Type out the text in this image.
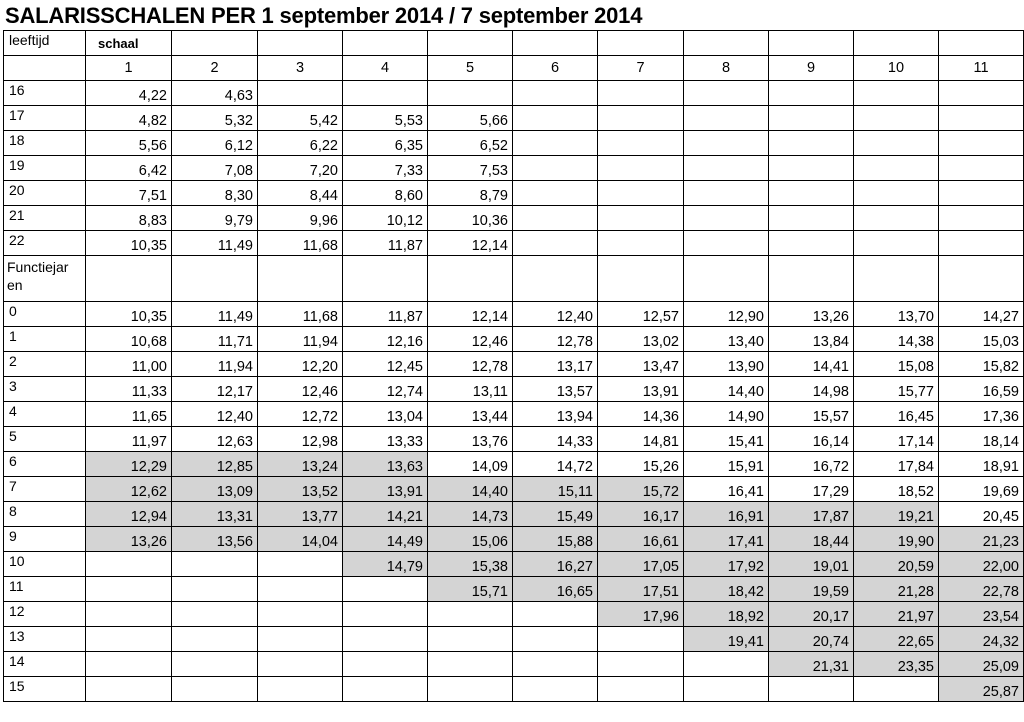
SALARISSCHALEN PER 1 september 2014 / 7 september 2014
leeftijd	schaal										
	1	2	3	4	5	6	7	8	9	10	11
16	4,22	4,63									
17	4,82	5,32	5,42	5,53	5,66						
18	5,56	6,12	6,22	6,35	6,52						
19	6,42	7,08	7,20	7,33	7,53						
20	7,51	8,30	8,44	8,60	8,79						
21	8,83	9,79	9,96	10,12	10,36						
22	10,35	11,49	11,68	11,87	12,14						
Functiejar
en											
0	10,35	11,49	11,68	11,87	12,14	12,40	12,57	12,90	13,26	13,70	14,27
1	10,68	11,71	11,94	12,16	12,46	12,78	13,02	13,40	13,84	14,38	15,03
2	11,00	11,94	12,20	12,45	12,78	13,17	13,47	13,90	14,41	15,08	15,82
3	11,33	12,17	12,46	12,74	13,11	13,57	13,91	14,40	14,98	15,77	16,59
4	11,65	12,40	12,72	13,04	13,44	13,94	14,36	14,90	15,57	16,45	17,36
5	11,97	12,63	12,98	13,33	13,76	14,33	14,81	15,41	16,14	17,14	18,14
6	12,29	12,85	13,24	13,63	14,09	14,72	15,26	15,91	16,72	17,84	18,91
7	12,62	13,09	13,52	13,91	14,40	15,11	15,72	16,41	17,29	18,52	19,69
8	12,94	13,31	13,77	14,21	14,73	15,49	16,17	16,91	17,87	19,21	20,45
9	13,26	13,56	14,04	14,49	15,06	15,88	16,61	17,41	18,44	19,90	21,23
10				14,79	15,38	16,27	17,05	17,92	19,01	20,59	22,00
11					15,71	16,65	17,51	18,42	19,59	21,28	22,78
12							17,96	18,92	20,17	21,97	23,54
13								19,41	20,74	22,65	24,32
14									21,31	23,35	25,09
15											25,87
